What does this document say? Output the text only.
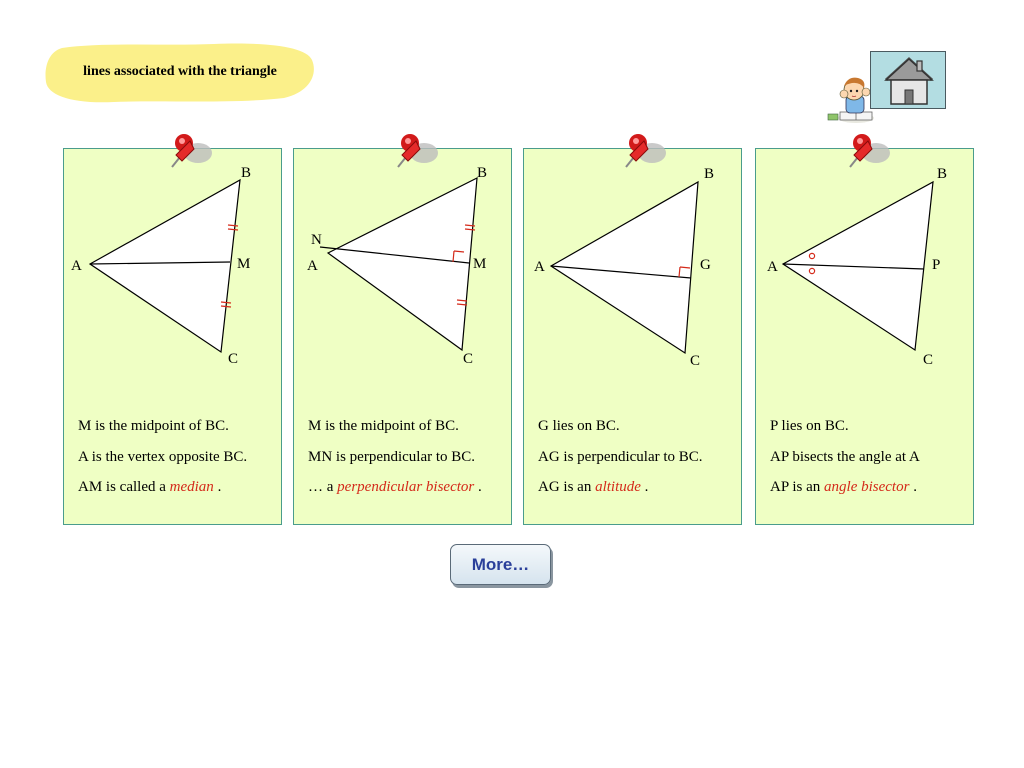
lines associated with the triangle
B
A	M
C
M is the midpoint of BC.
A is the vertex opposite BC.
AM is called a median .
B
N
A	M
C
M is the midpoint of BC.
MN is perpendicular to BC.
… a perpendicular bisector .
B
A	G
C
G lies on BC.
AG is perpendicular to BC.
AG is an altitude .
B
A	P
C
P lies on BC.
AP bisects the angle at A
AP is an angle bisector .
More…
